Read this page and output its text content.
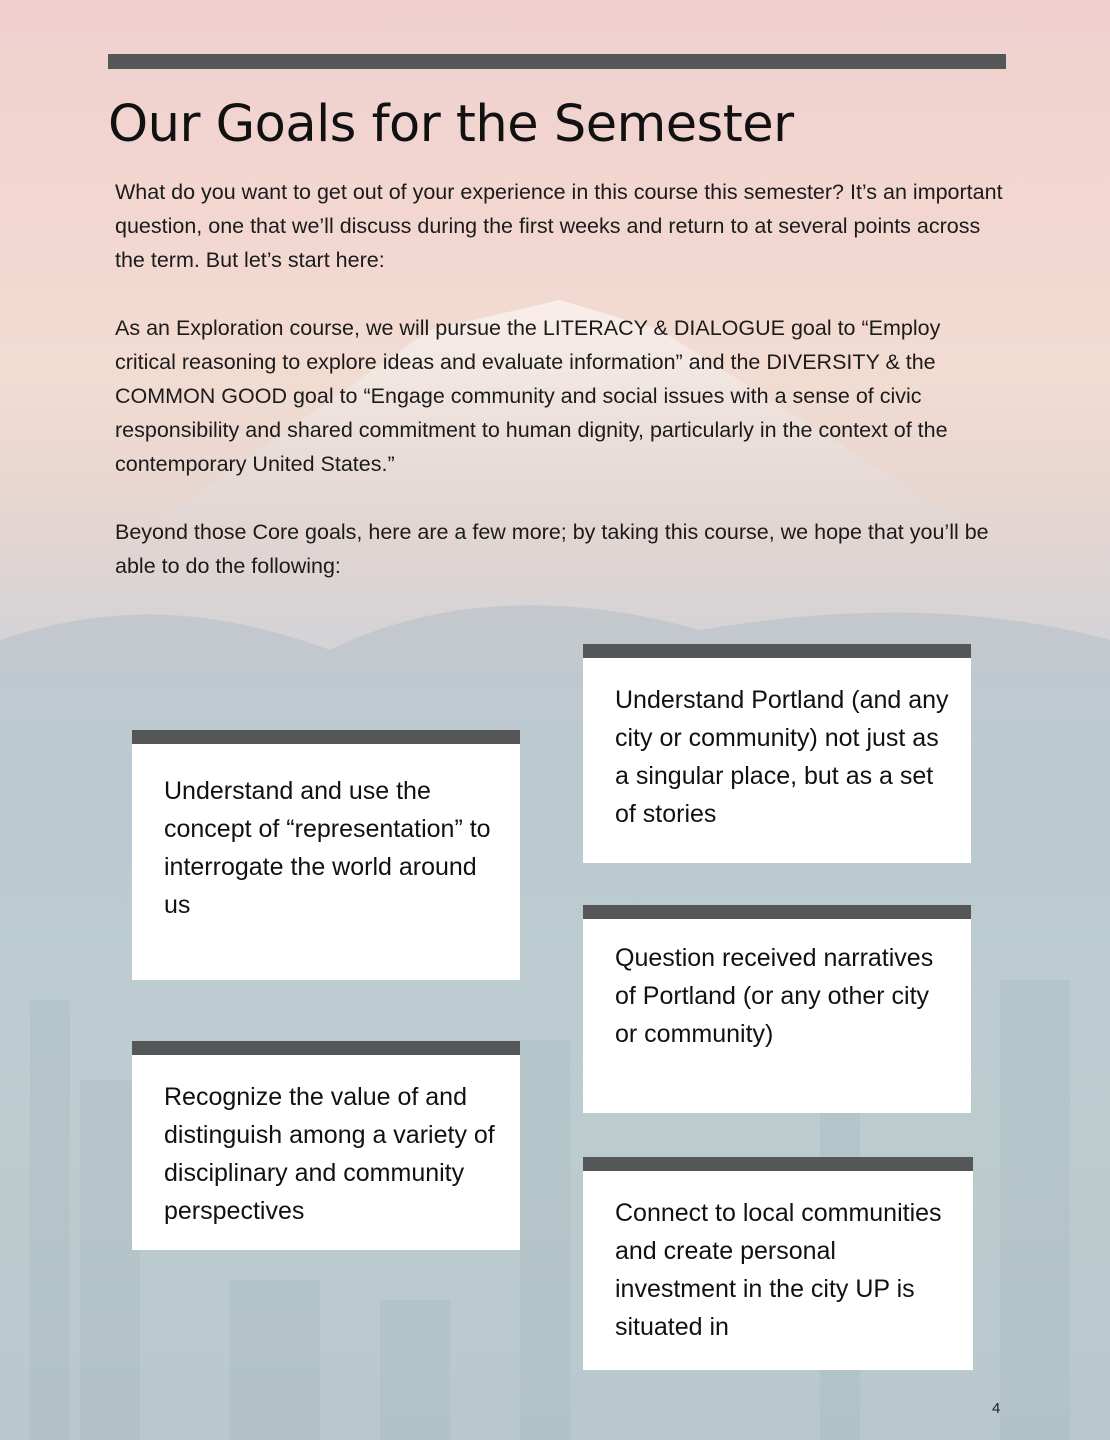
Our Goals for the Semester

What do you want to get out of your experience in this course this semester? It’s an important question, one that we’ll discuss during the first weeks and return to at several points across the term. But let’s start here:

As an Exploration course, we will pursue the LITERACY & DIALOGUE goal to “Employ critical reasoning to explore ideas and evaluate information” and the DIVERSITY & the COMMON GOOD goal to “Engage community and social issues with a sense of civic responsibility and shared commitment to human dignity, particularly in the context of the contemporary United States.”

Beyond those Core goals, here are a few more; by taking this course, we hope that you’ll be able to do the following:

Understand and use the concept of “representation” to interrogate the world around us
Recognize the value of and distinguish among a variety of disciplinary and community perspectives
Understand Portland (and any city or community) not just as a singular place, but as a set of stories
Question received narratives of Portland (or any other city or community)
Connect to local communities and create personal investment in the city UP is situated in
4
